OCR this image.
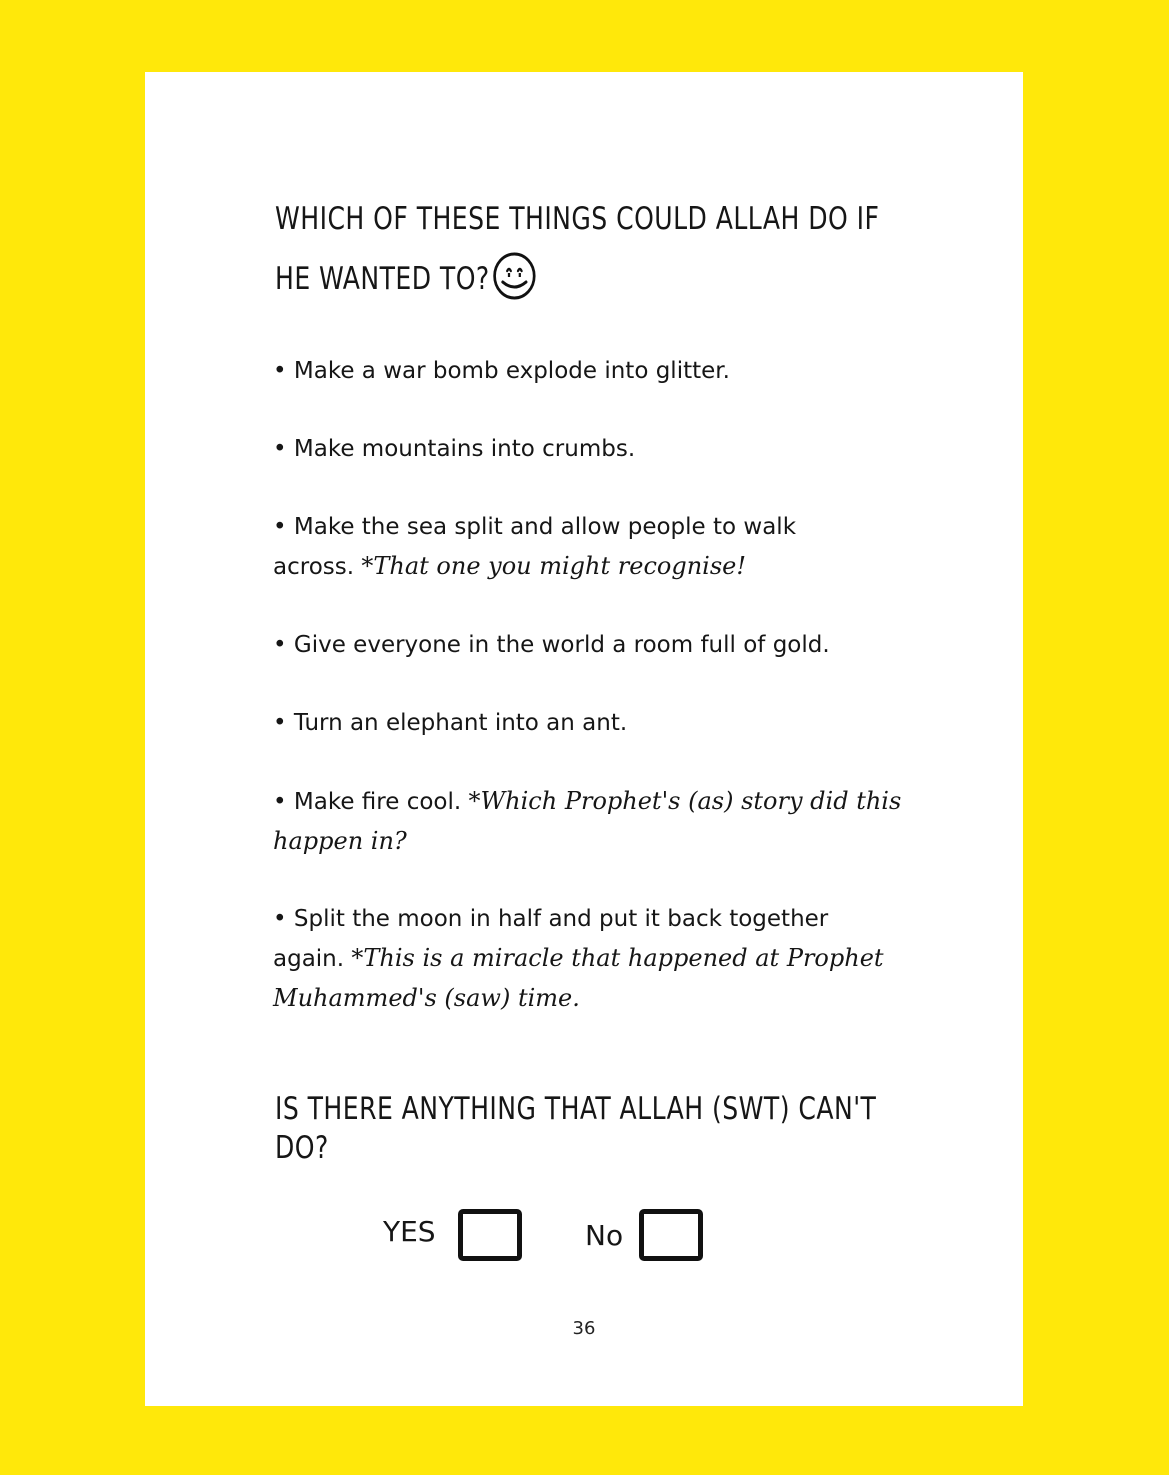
WHICH OF THESE THINGS COULD ALLAH DO IF HE WANTED TO?

• Make a war bomb explode into glitter.

• Make mountains into crumbs.

• Make the sea split and allow people to walk across. *That one you might recognise!

• Give everyone in the world a room full of gold.

• Turn an elephant into an ant.

• Make fire cool. *Which Prophet's (as) story did this happen in?

• Split the moon in half and put it back together again. *This is a miracle that happened at Prophet Muhammed's (saw) time.

IS THERE ANYTHING THAT ALLAH (SWT) CAN'T DO?
YES	No
36
